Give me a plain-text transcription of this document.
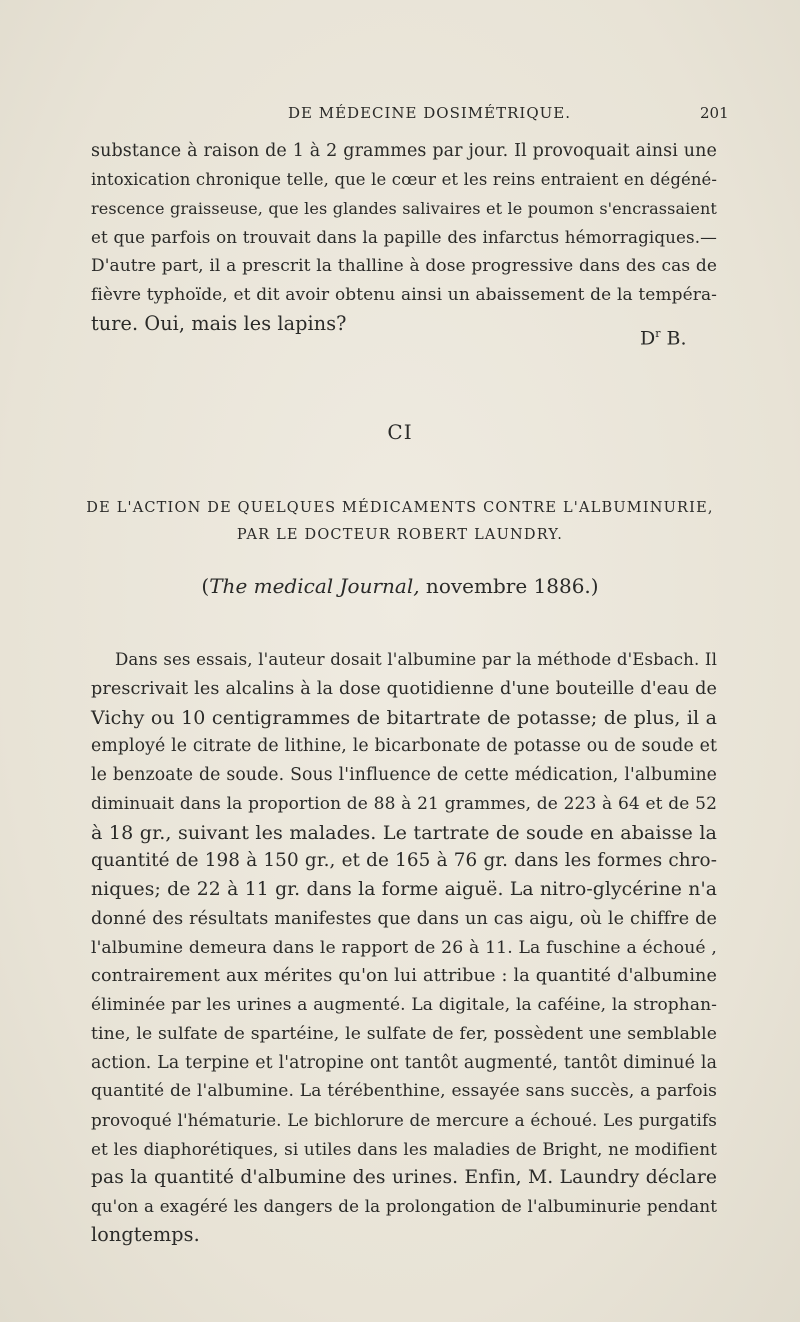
DE MÉDECINE DOSIMÉTRIQUE.	201

substance à raison de 1 à 2 grammes par jour. Il provoquait ainsi une
intoxication chronique telle, que le cœur et les reins entraient en dégéné-
rescence graisseuse, que les glandes salivaires et le poumon s'encrassaient
et que parfois on trouvait dans la papille des infarctus hémorragiques.—
D'autre part, il a prescrit la thalline à dose progressive dans des cas de
fièvre typhoïde, et dit avoir obtenu ainsi un abaissement de la tempéra-
ture. Oui, mais les lapins?

$D^r$ B.
CI
DE L'ACTION DE QUELQUES MÉDICAMENTS CONTRE L'ALBUMINURIE,
PAR LE DOCTEUR ROBERT LAUNDRY.
(The medical Journal, novembre 1886.)

Dans ses essais, l'auteur dosait l'albumine par la méthode d'Esbach. Il
prescrivait les alcalins à la dose quotidienne d'une bouteille d'eau de
Vichy ou 10 centigrammes de bitartrate de potasse; de plus, il a
employé le citrate de lithine, le bicarbonate de potasse ou de soude et
le benzoate de soude. Sous l'influence de cette médication, l'albumine
diminuait dans la proportion de 88 à 21 grammes, de 223 à 64 et de 52
à 18 gr., suivant les malades. Le tartrate de soude en abaisse la
quantité de 198 à 150 gr., et de 165 à 76 gr. dans les formes chro-
niques; de 22 à 11 gr. dans la forme aiguë. La nitro-glycérine n'a
donné des résultats manifestes que dans un cas aigu, où le chiffre de
l'albumine demeura dans le rapport de 26 à 11. La fuschine a échoué ,
contrairement aux mérites qu'on lui attribue : la quantité d'albumine
éliminée par les urines a augmenté. La digitale, la caféine, la strophan-
tine, le sulfate de spartéine, le sulfate de fer, possèdent une semblable
action. La terpine et l'atropine ont tantôt augmenté, tantôt diminué la
quantité de l'albumine. La térébenthine, essayée sans succès, a parfois
provoqué l'hématurie. Le bichlorure de mercure a échoué. Les purgatifs
et les diaphorétiques, si utiles dans les maladies de Bright, ne modifient
pas la quantité d'albumine des urines. Enfin, M. Laundry déclare
qu'on a exagéré les dangers de la prolongation de l'albuminurie pendant
longtemps.
